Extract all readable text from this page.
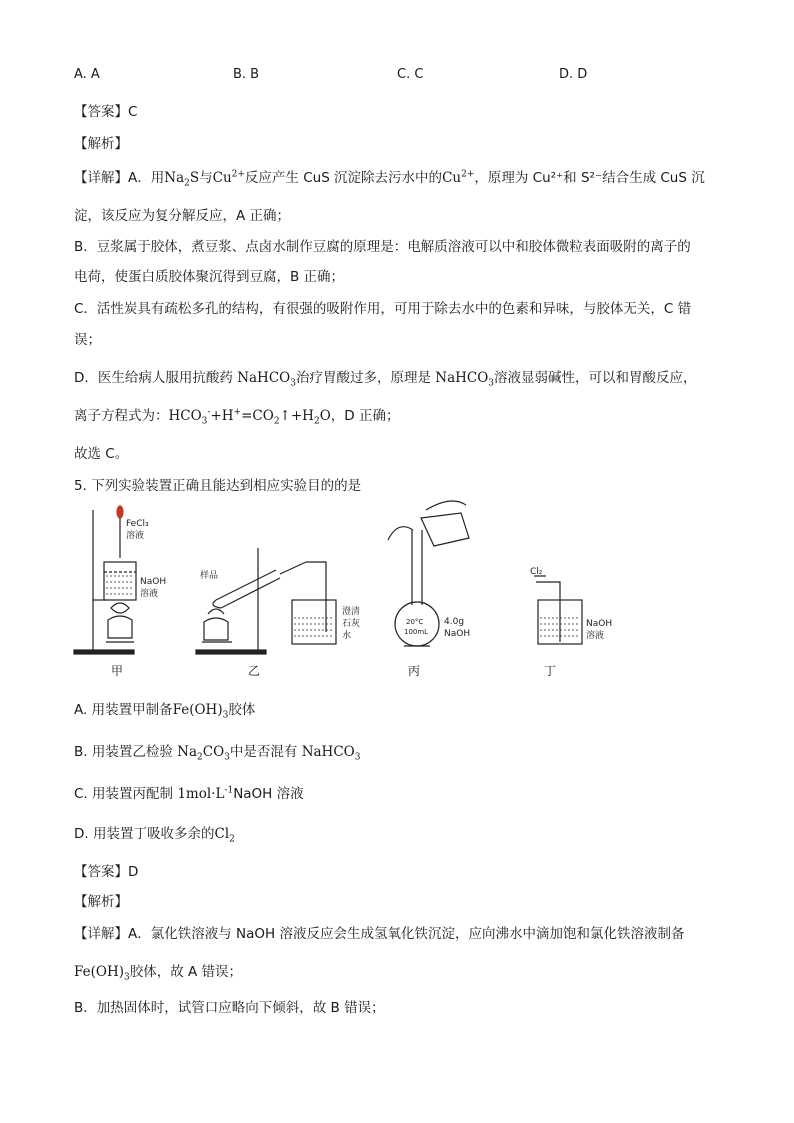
A. A	B. B	C. C	D. D
【答案】C
【解析】
【详解】A．用$Na_2S$与$Cu^{2+}$反应产生 CuS 沉淀除去污水中的$Cu^{2+}$，原理为 Cu²⁺和 S²⁻结合生成 CuS 沉
淀，该反应为复分解反应，A 正确；
B．豆浆属于胶体，煮豆浆、点卤水制作豆腐的原理是：电解质溶液可以中和胶体微粒表面吸附的离子的
电荷，使蛋白质胶体聚沉得到豆腐，B 正确；
C．活性炭具有疏松多孔的结构，有很强的吸附作用，可用于除去水中的色素和异味，与胶体无关，C 错
误；
D．医生给病人服用抗酸药 NaHCO$_3$治疗胃酸过多，原理是 NaHCO$_3$溶液显弱碱性，可以和胃酸反应，
离子方程式为：$HCO_3^-+H^+=CO_2↑+H_2O$，D 正确；
故选 C。
5. 下列实验装置正确且能达到相应实验目的的是
FeCl₃
溶液
NaOH
溶液
样品
澄清
石灰
水
20°C
100mL
4.0g
NaOH
Cl₂
NaOH
溶液
甲	乙	丙	丁
A. 用装置甲制备$Fe(OH)_3$胶体
B. 用装置乙检验 $Na_2CO_3$中是否混有 NaHCO$_3$
C. 用装置丙配制 $1mol\cdot L^{-1}NaOH$ 溶液
D. 用装置丁吸收多余的$Cl_2$
【答案】D
【解析】
【详解】A．氯化铁溶液与 NaOH 溶液反应会生成氢氧化铁沉淀，应向沸水中滴加饱和氯化铁溶液制备
$Fe(OH)_3$胶体，故 A 错误；
B．加热固体时，试管口应略向下倾斜，故 B 错误；
